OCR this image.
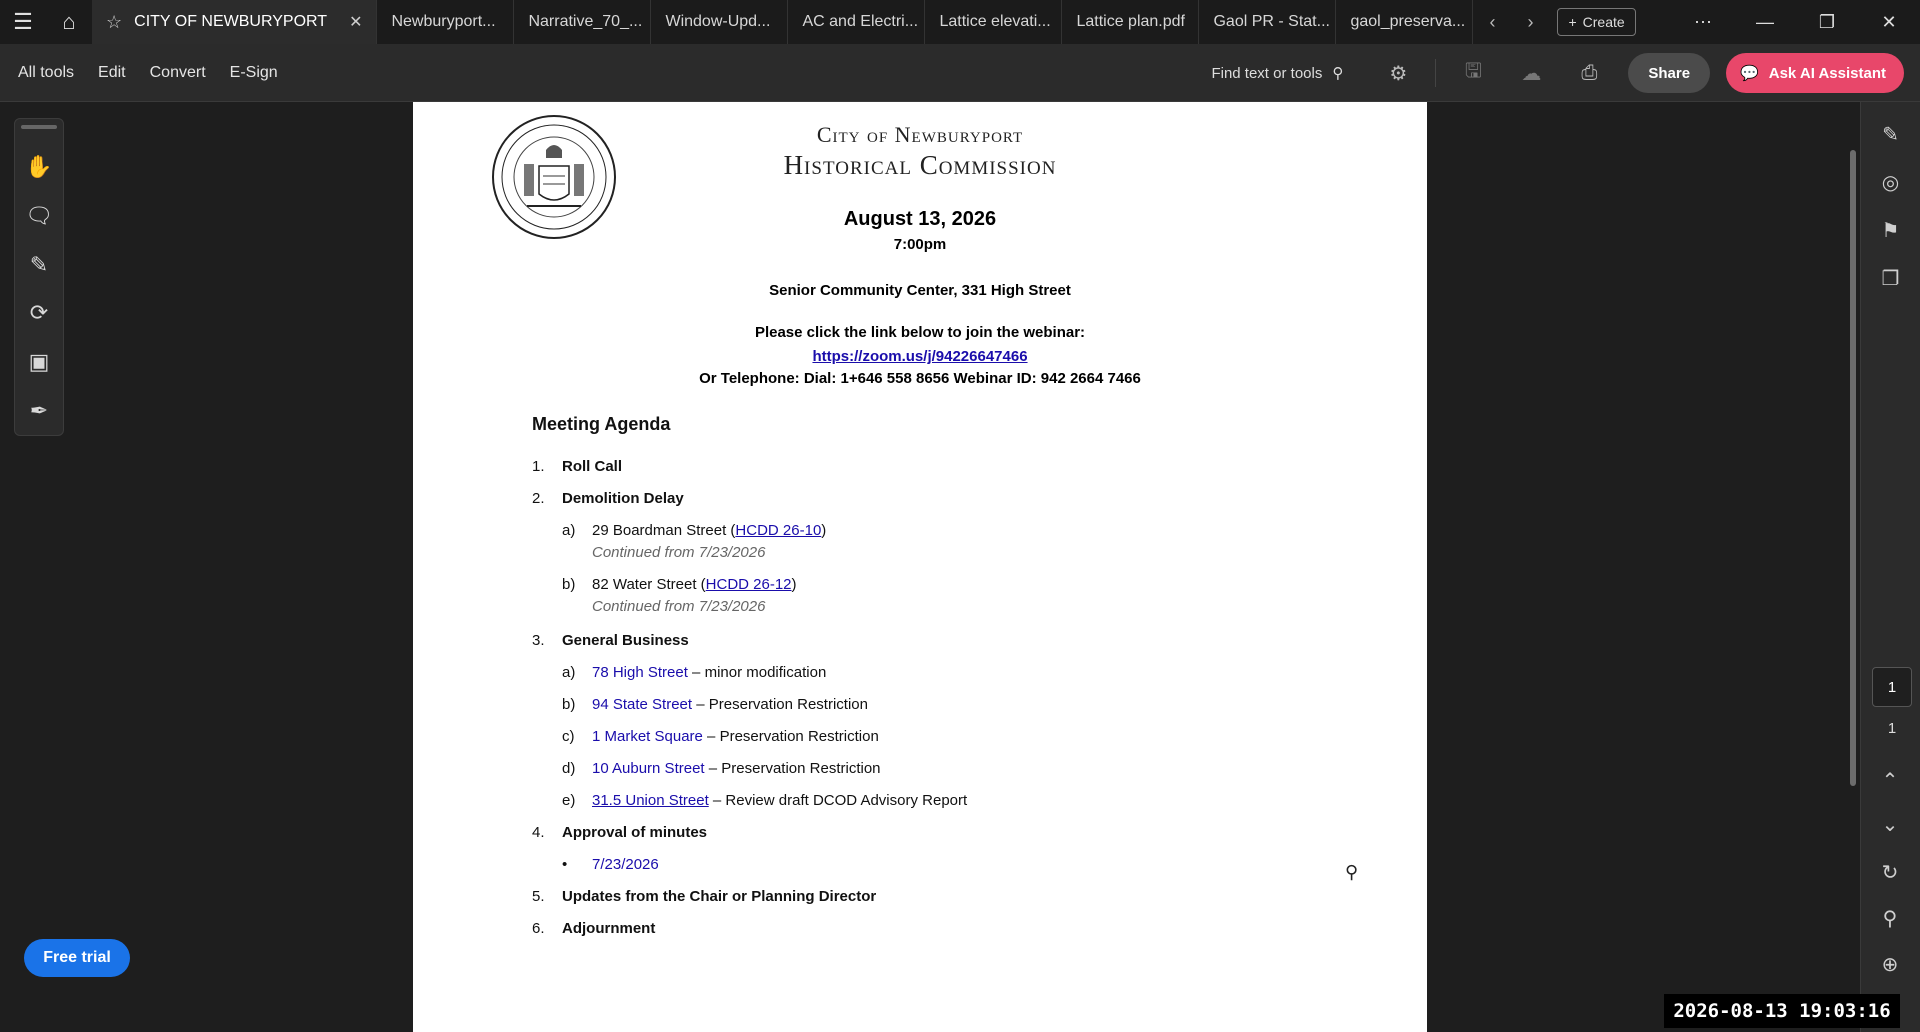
☰	⌂	☆ CITY OF NEWBURYPORT ✕ Newburyport... Narrative_70_... Window-Upd... AC and Electri... Lattice elevati... Lattice plan.pdf Gaol PR - Stat... gaol_preserva...	‹	›	+ Create	⋯	—	❐	✕
All tools	Edit	Convert	E-Sign	Find text or tools ⚲	⚙	🖫	☁	⎙	Share	💬 Ask AI Assistant
✋
🗨
✎
⟳
▣
✒
Free trial
City of Newburyport
Historical Commission
August 13, 2026
7:00pm
Senior Community Center, 331 High Street
Please click the link below to join the webinar:
https://zoom.us/j/94226647466
Or Telephone: Dial: 1+646 558 8656 Webinar ID: 942 2664 7466
Meeting Agenda
1. Roll Call
2. Demolition Delay
a) 29 Boardman Street (HCDD 26-10)
Continued from 7/23/2026
b) 82 Water Street (HCDD 26-12)
Continued from 7/23/2026
3. General Business
a) 78 High Street – minor modification
b) 94 State Street – Preservation Restriction
c) 1 Market Square – Preservation Restriction
d) 10 Auburn Street – Preservation Restriction
e) 31.5 Union Street – Review draft DCOD Advisory Report
4. Approval of minutes
• 7/23/2026
5. Updates from the Chair or Planning Director
6. Adjournment
⚲
✎
◎
⚑
❐
1
1
⌃
⌄
↻
⚲
⊕
2026-08-13 19:03:16
